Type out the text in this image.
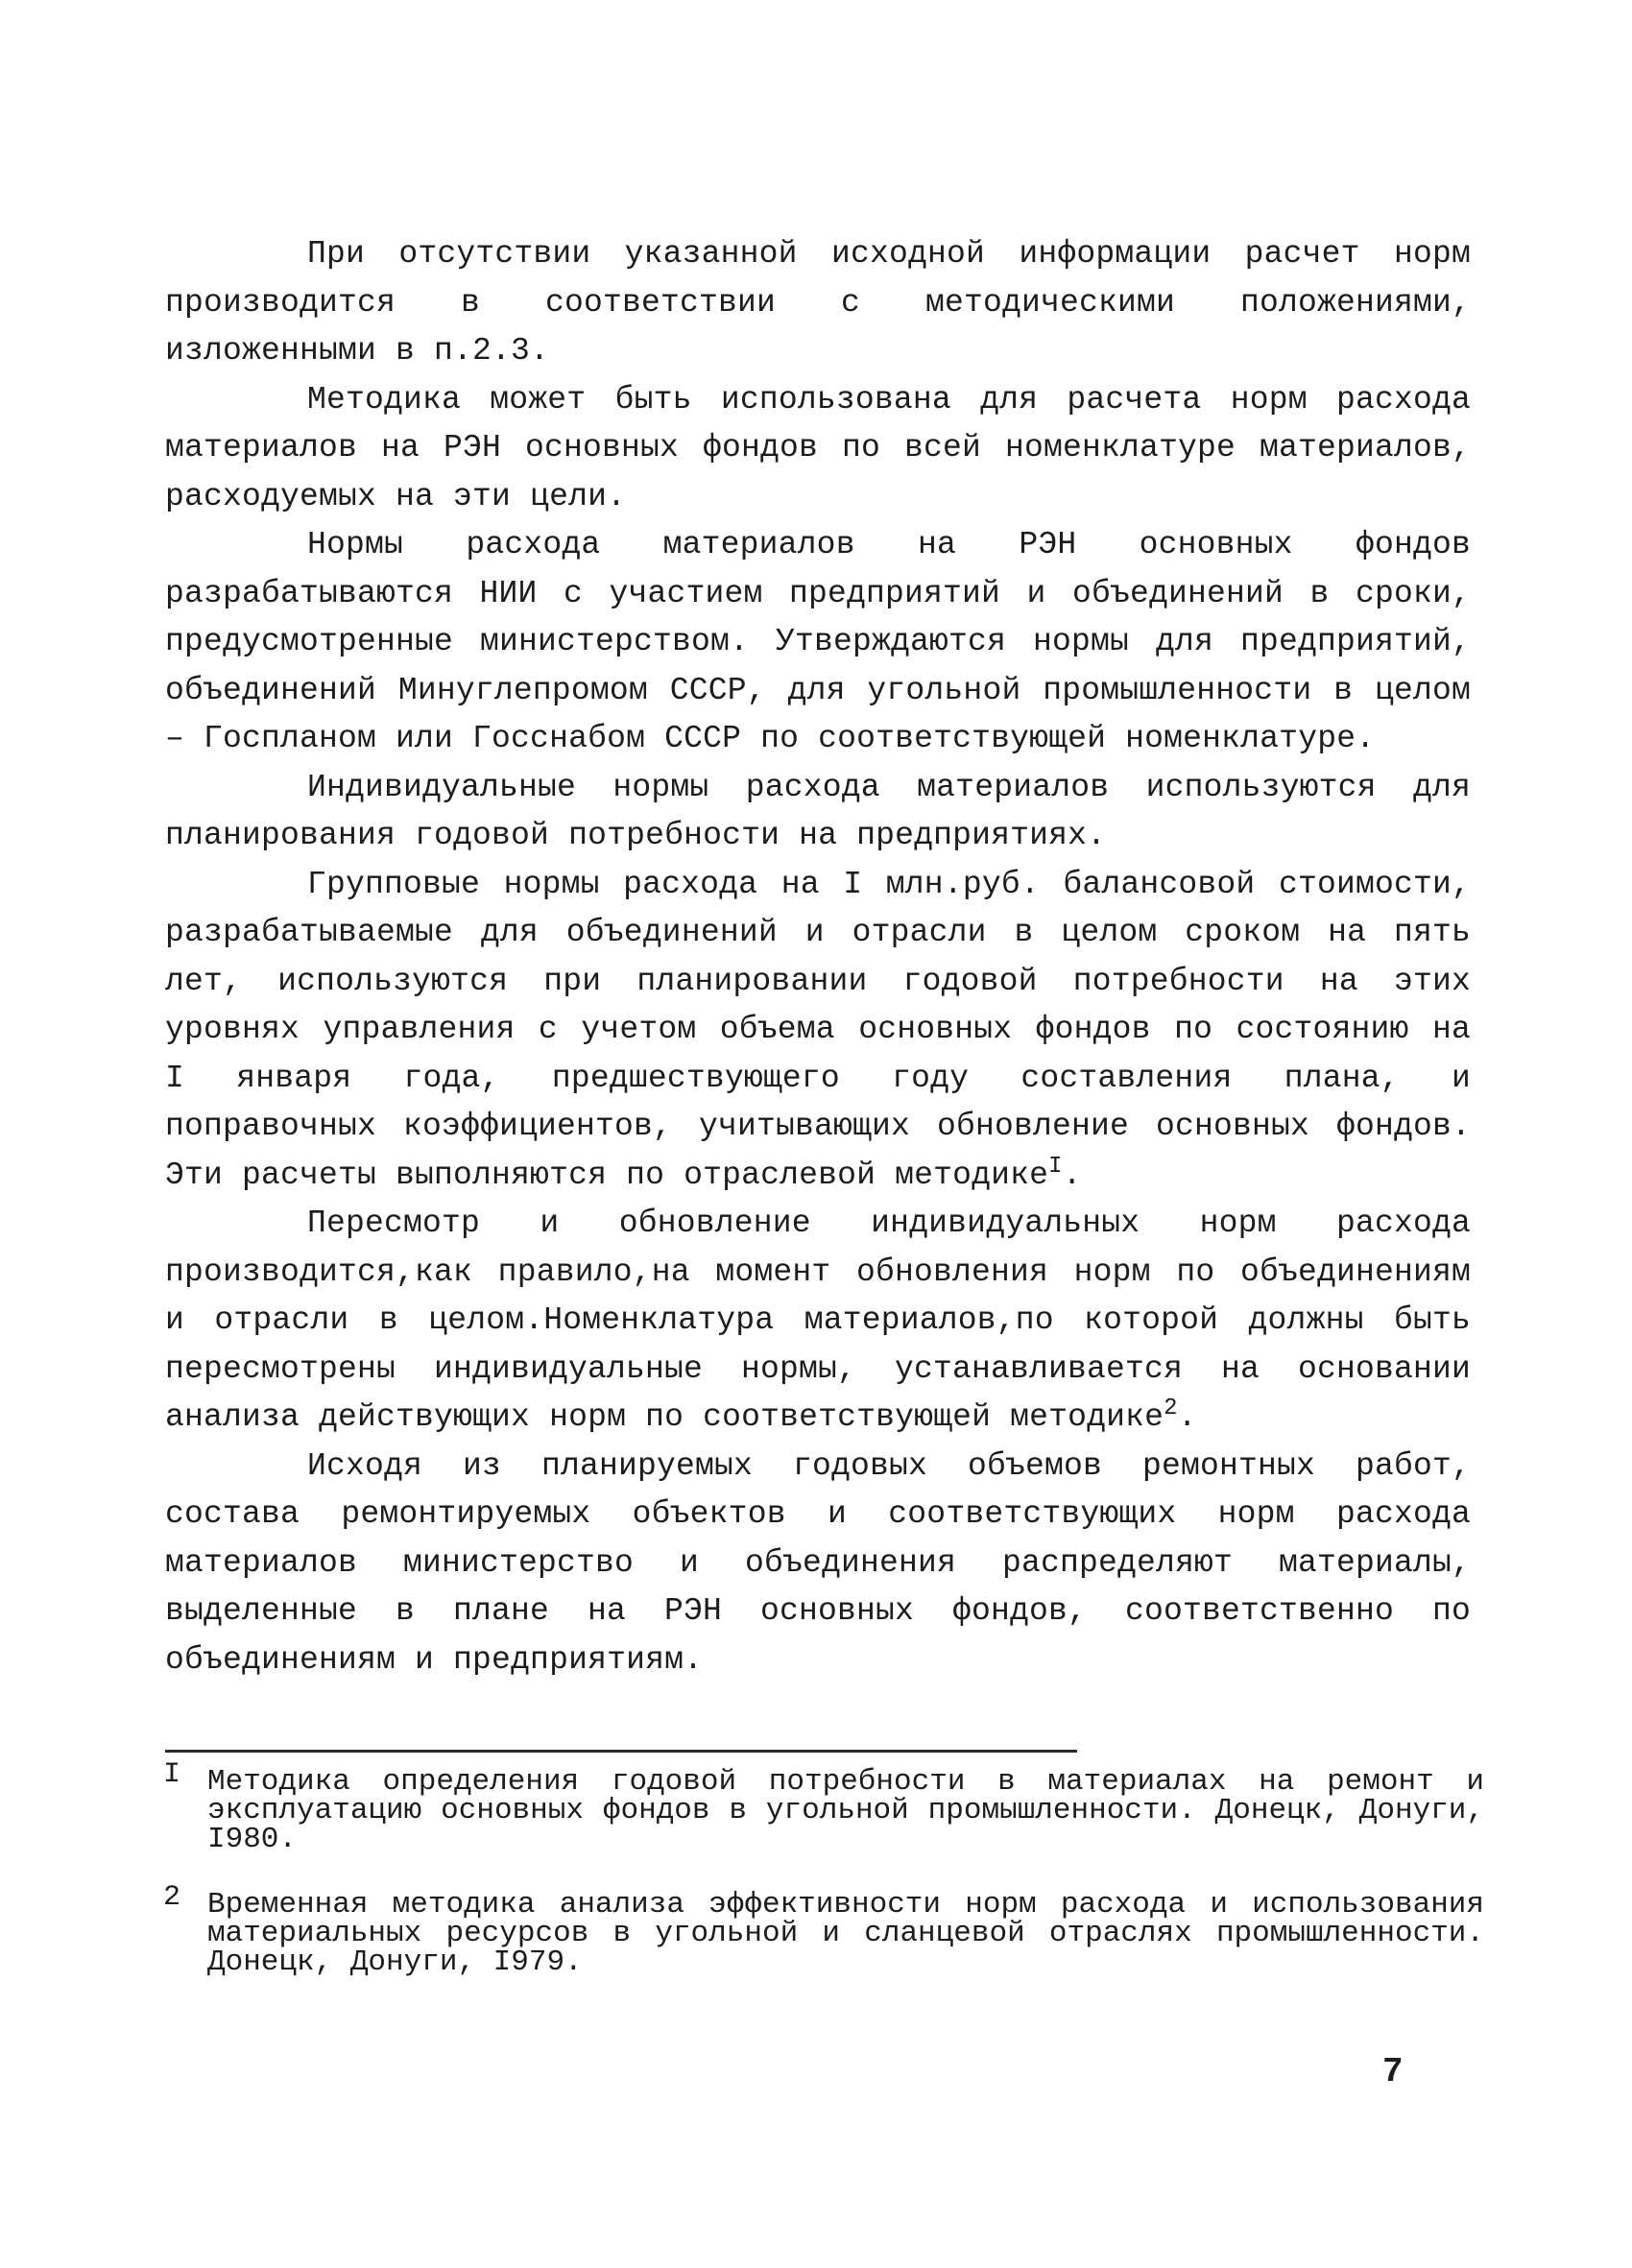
При отсутствии указанной исходной информации расчет норм производится в соответствии с методическими положениями, изложенными в п.2.3.

Методика может быть использована для расчета норм расхода материалов на РЭН основных фондов по всей номенклатуре материалов, расходуемых на эти цели.

Нормы расхода материалов на РЭН основных фондов разрабатываются НИИ с участием предприятий и объединений в сроки, предусмотренные министерством. Утверждаются нормы для предприятий, объединений Минуглепромом СССР, для угольной промышленности в целом – Госпланом или Госснабом СССР по соответствующей номенклатуре.

Индивидуальные нормы расхода материалов используются для планирования годовой потребности на предприятиях.

Групповые нормы расхода на I млн.руб. балансовой стоимости, разрабатываемые для объединений и отрасли в целом сроком на пять лет, используются при планировании годовой потребности на этих уровнях управления с учетом объема основных фондов по состоянию на I января года, предшествующего году составления плана, и поправочных коэффициентов, учитывающих обновление основных фондов. Эти расчеты выполняются по отраслевой методике$^I$.

Пересмотр и обновление индивидуальных норм расхода производится,как правило,на момент обновления норм по объединениям и отрасли в целом.Номенклатура материалов,по которой должны быть пересмотрены индивидуальные нормы, устанавливается на основании анализа действующих норм по соответствующей методике$^2$.

Исходя из планируемых годовых объемов ремонтных работ, состава ремонтируемых объектов и соответствующих норм расхода материалов министерство и объединения распределяют материалы, выделенные в плане на РЭН основных фондов, соответственно по объединениям и предприятиям.

I Методика определения годовой потребности в материалах на ремонт и эксплуатацию основных фондов в угольной промышленности. Донецк, Донуги, I980.
2 Временная методика анализа эффективности норм расхода и использования материальных ресурсов в угольной и сланцевой отраслях промышленности. Донецк, Донуги, I979.
7
